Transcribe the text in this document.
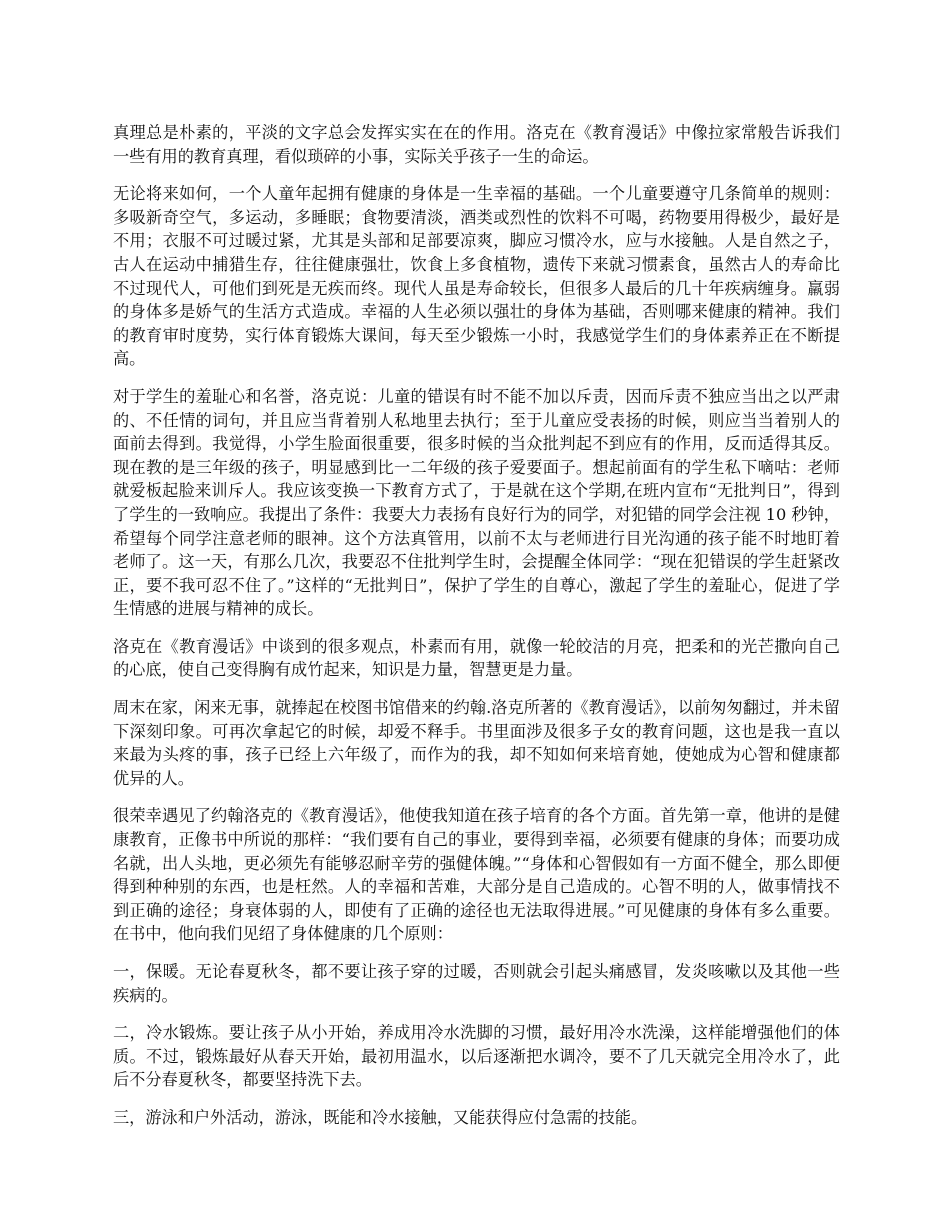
真理总是朴素的，平淡的文字总会发挥实实在在的作用。洛克在《教育漫话》中像拉家常般告诉我们一些有用的教育真理，看似琐碎的小事，实际关乎孩子一生的命运。

无论将来如何，一个人童年起拥有健康的身体是一生幸福的基础。一个儿童要遵守几条简单的规则：多吸新奇空气，多运动，多睡眠；食物要清淡，酒类或烈性的饮料不可喝，药物要用得极少，最好是不用；衣服不可过暖过紧，尤其是头部和足部要凉爽，脚应习惯冷水，应与水接触。人是自然之子，古人在运动中捕猎生存，往往健康强壮，饮食上多食植物，遗传下来就习惯素食，虽然古人的寿命比不过现代人，可他们到死是无疾而终。现代人虽是寿命较长，但很多人最后的几十年疾病缠身。羸弱的身体多是娇气的生活方式造成。幸福的人生必须以强壮的身体为基础，否则哪来健康的精神。我们的教育审时度势，实行体育锻炼大课间，每天至少锻炼一小时，我感觉学生们的身体素养正在不断提高。

对于学生的羞耻心和名誉，洛克说：儿童的错误有时不能不加以斥责，因而斥责不独应当出之以严肃的、不任情的词句，并且应当背着别人私地里去执行；至于儿童应受表扬的时候，则应当当着别人的面前去得到。我觉得，小学生脸面很重要，很多时候的当众批判起不到应有的作用，反而适得其反。现在教的是三年级的孩子，明显感到比一二年级的孩子爱要面子。想起前面有的学生私下嘀咕：老师就爱板起脸来训斥人。我应该变换一下教育方式了，于是就在这个学期,在班内宣布“无批判日”，得到了学生的一致响应。我提出了条件：我要大力表扬有良好行为的同学，对犯错的同学会注视 10 秒钟，希望每个同学注意老师的眼神。这个方法真管用，以前不太与老师进行目光沟通的孩子能不时地盯着老师了。这一天，有那么几次，我要忍不住批判学生时，会提醒全体同学：“现在犯错误的学生赶紧改正，要不我可忍不住了。”这样的“无批判日”，保护了学生的自尊心，激起了学生的羞耻心，促进了学生情感的进展与精神的成长。

洛克在《教育漫话》中谈到的很多观点，朴素而有用，就像一轮皎洁的月亮，把柔和的光芒撒向自己的心底，使自己变得胸有成竹起来，知识是力量，智慧更是力量。

周末在家，闲来无事，就捧起在校图书馆借来的约翰.洛克所著的《教育漫话》，以前匆匆翻过，并未留下深刻印象。可再次拿起它的时候，却爱不释手。书里面涉及很多子女的教育问题，这也是我一直以来最为头疼的事，孩子已经上六年级了，而作为的我，却不知如何来培育她，使她成为心智和健康都优异的人。

很荣幸遇见了约翰洛克的《教育漫话》，他使我知道在孩子培育的各个方面。首先第一章，他讲的是健康教育，正像书中所说的那样：“我们要有自己的事业，要得到幸福，必须要有健康的身体；而要功成名就，出人头地，更必须先有能够忍耐辛劳的强健体魄。”“身体和心智假如有一方面不健全，那么即便得到种种别的东西，也是枉然。人的幸福和苦难，大部分是自己造成的。心智不明的人，做事情找不到正确的途径；身衰体弱的人，即使有了正确的途径也无法取得进展。”可见健康的身体有多么重要。在书中，他向我们见绍了身体健康的几个原则：

一，保暖。无论春夏秋冬，都不要让孩子穿的过暖，否则就会引起头痛感冒，发炎咳嗽以及其他一些疾病的。

二，冷水锻炼。要让孩子从小开始，养成用冷水洗脚的习惯，最好用冷水洗澡，这样能增强他们的体质。不过，锻炼最好从春天开始，最初用温水，以后逐渐把水调冷，要不了几天就完全用冷水了，此后不分春夏秋冬，都要坚持洗下去。

三，游泳和户外活动，游泳，既能和冷水接触，又能获得应付急需的技能。
